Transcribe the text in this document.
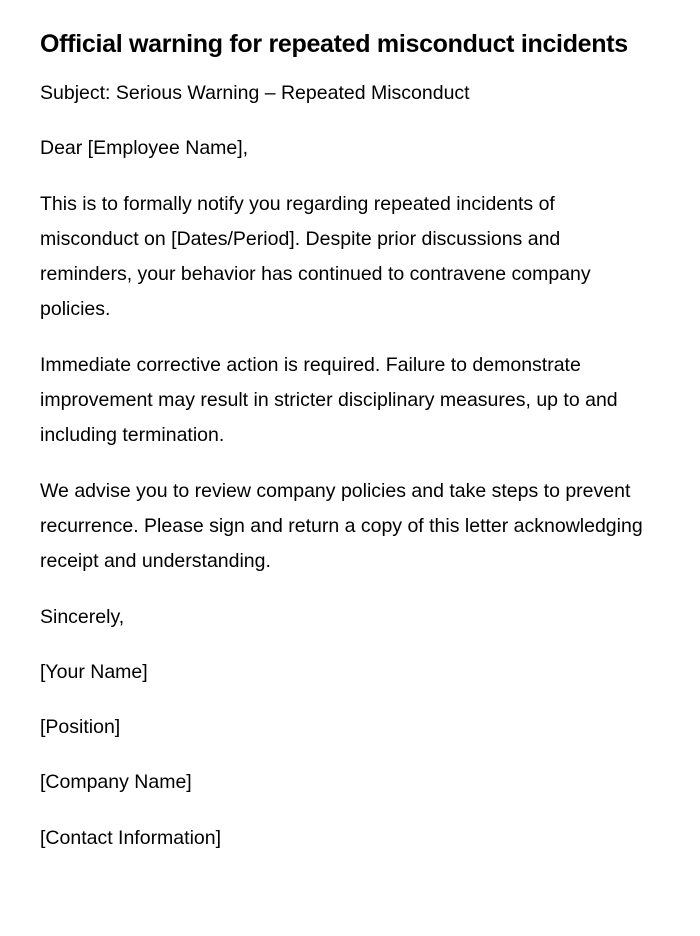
Official warning for repeated misconduct incidents

Subject: Serious Warning – Repeated Misconduct

Dear [Employee Name],

This is to formally notify you regarding repeated incidents of misconduct on [Dates/Period]. Despite prior discussions and reminders, your behavior has continued to contravene company policies.

Immediate corrective action is required. Failure to demonstrate improvement may result in stricter disciplinary measures, up to and including termination.

We advise you to review company policies and take steps to prevent recurrence. Please sign and return a copy of this letter acknowledging receipt and understanding.

Sincerely,

[Your Name]

[Position]

[Company Name]

[Contact Information]
